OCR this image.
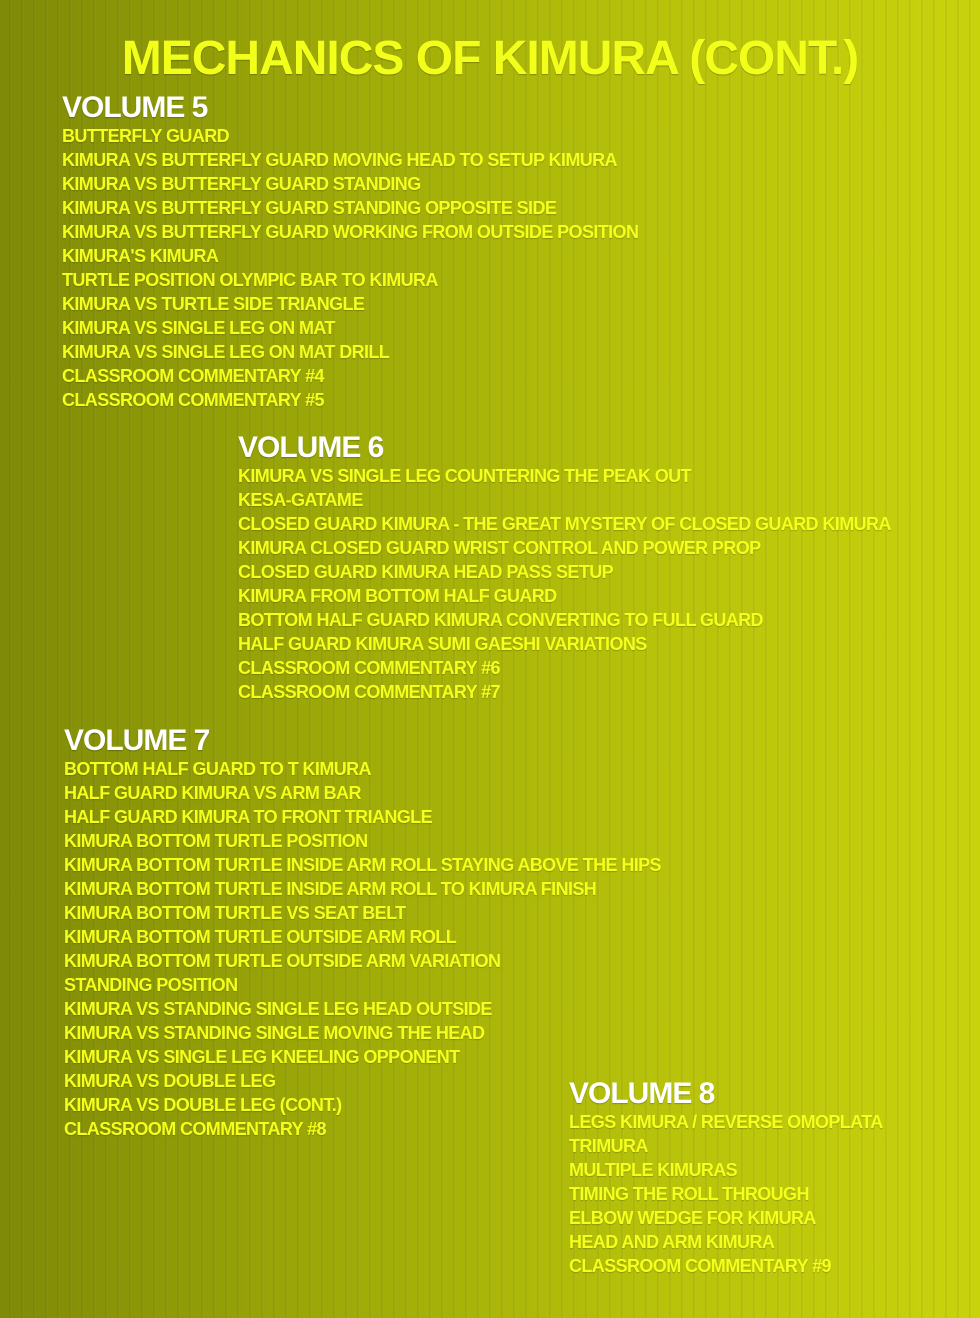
MECHANICS OF KIMURA (CONT.)
VOLUME 5
BUTTERFLY GUARD
KIMURA VS BUTTERFLY GUARD MOVING HEAD TO SETUP KIMURA
KIMURA VS BUTTERFLY GUARD STANDING
KIMURA VS BUTTERFLY GUARD STANDING OPPOSITE SIDE
KIMURA VS BUTTERFLY GUARD WORKING FROM OUTSIDE POSITION
KIMURA'S KIMURA
TURTLE POSITION OLYMPIC BAR TO KIMURA
KIMURA VS TURTLE SIDE TRIANGLE
KIMURA VS SINGLE LEG ON MAT
KIMURA VS SINGLE LEG ON MAT DRILL
CLASSROOM COMMENTARY #4
CLASSROOM COMMENTARY #5
VOLUME 6
KIMURA VS SINGLE LEG COUNTERING THE PEAK OUT
KESA-GATAME
CLOSED GUARD KIMURA - THE GREAT MYSTERY OF CLOSED GUARD KIMURA
KIMURA CLOSED GUARD WRIST CONTROL AND POWER PROP
CLOSED GUARD KIMURA HEAD PASS SETUP
KIMURA FROM BOTTOM HALF GUARD
BOTTOM HALF GUARD KIMURA CONVERTING TO FULL GUARD
HALF GUARD KIMURA SUMI GAESHI VARIATIONS
CLASSROOM COMMENTARY #6
CLASSROOM COMMENTARY #7
VOLUME 7
BOTTOM HALF GUARD TO T KIMURA
HALF GUARD KIMURA VS ARM BAR
HALF GUARD KIMURA TO FRONT TRIANGLE
KIMURA BOTTOM TURTLE POSITION
KIMURA BOTTOM TURTLE INSIDE ARM ROLL STAYING ABOVE THE HIPS
KIMURA BOTTOM TURTLE INSIDE ARM ROLL TO KIMURA FINISH
KIMURA BOTTOM TURTLE VS SEAT BELT
KIMURA BOTTOM TURTLE OUTSIDE ARM ROLL
KIMURA BOTTOM TURTLE OUTSIDE ARM VARIATION
STANDING POSITION
KIMURA VS STANDING SINGLE LEG HEAD OUTSIDE
KIMURA VS STANDING SINGLE MOVING THE HEAD
KIMURA VS SINGLE LEG KNEELING OPPONENT
KIMURA VS DOUBLE LEG
KIMURA VS DOUBLE LEG (CONT.)
CLASSROOM COMMENTARY #8
VOLUME 8
LEGS KIMURA / REVERSE OMOPLATA
TRIMURA
MULTIPLE KIMURAS
TIMING THE ROLL THROUGH
ELBOW WEDGE FOR KIMURA
HEAD AND ARM KIMURA
CLASSROOM COMMENTARY #9
